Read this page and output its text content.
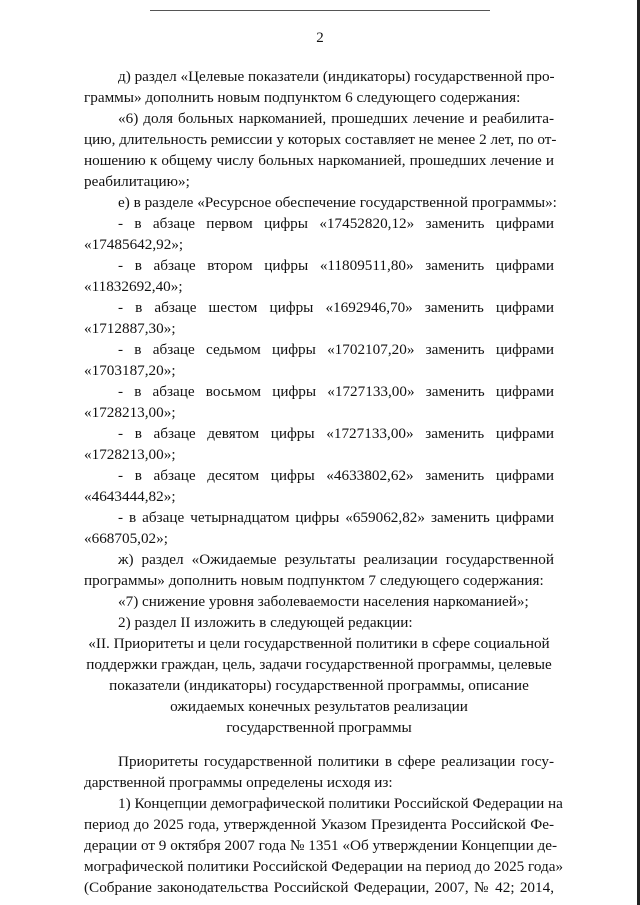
2
д) раздел «Целевые показатели (индикаторы) государственной про-
граммы» дополнить новым подпунктом 6 следующего содержания:
«6) доля больных наркоманией, прошедших лечение и реабилита-
цию, длительность ремиссии у которых составляет не менее 2 лет, по от-
ношению к общему числу больных наркоманией, прошедших лечение и
реабилитацию»;
е) в разделе «Ресурсное обеспечение государственной программы»:
- в абзаце первом цифры «17452820,12» заменить цифрами
«17485642,92»;
- в абзаце втором цифры «11809511,80» заменить цифрами
«11832692,40»;
- в абзаце шестом цифры «1692946,70» заменить цифрами
«1712887,30»;
- в абзаце седьмом цифры «1702107,20» заменить цифрами
«1703187,20»;
- в абзаце восьмом цифры «1727133,00» заменить цифрами
«1728213,00»;
- в абзаце девятом цифры «1727133,00» заменить цифрами
«1728213,00»;
- в абзаце десятом цифры «4633802,62» заменить цифрами
«4643444,82»;
- в абзаце четырнадцатом цифры «659062,82» заменить цифрами
«668705,02»;
ж) раздел «Ожидаемые результаты реализации государственной
программы» дополнить новым подпунктом 7 следующего содержания:
«7) снижение уровня заболеваемости населения наркоманией»;
2) раздел II изложить в следующей редакции:
«II. Приоритеты и цели государственной политики в сфере социальной
поддержки граждан, цель, задачи государственной программы, целевые
показатели (индикаторы) государственной программы, описание
ожидаемых конечных результатов реализации
государственной программы
Приоритеты государственной политики в сфере реализации госу-
дарственной программы определены исходя из:
1) Концепции демографической политики Российской Федерации на
период до 2025 года, утвержденной Указом Президента Российской Фе-
дерации от 9 октября 2007 года № 1351 «Об утверждении Концепции де-
мографической политики Российской Федерации на период до 2025 года»
(Собрание законодательства Российской Федерации, 2007, № 42; 2014,
